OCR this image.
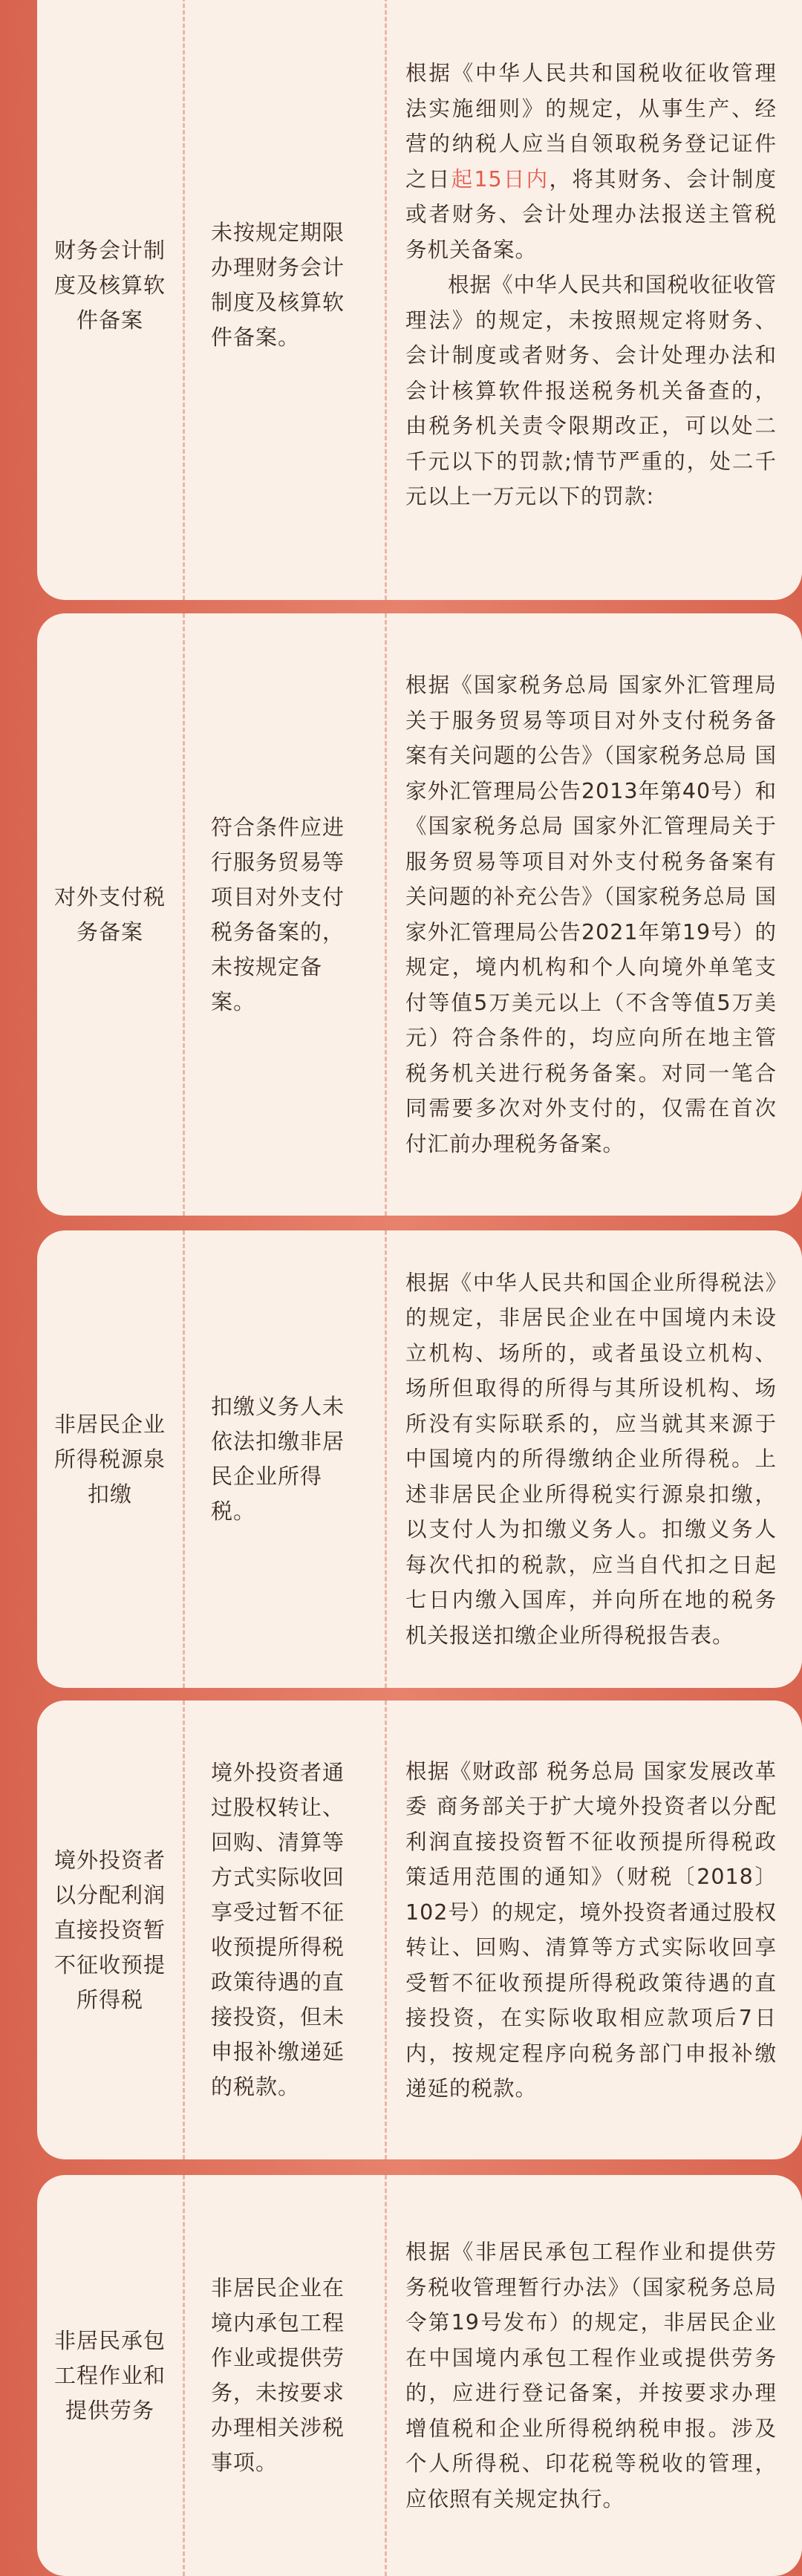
财务会计制度及核算软件备案

未按规定期限办理财务会计制度及核算软件备案。

根据《中华人民共和国税收征收管理法实施细则》的规定，从事生产、经营的纳税人应当自领取税务登记证件之日起15日内，将其财务、会计制度或者财务、会计处理办法报送主管税务机关备案。

根据《中华人民共和国税收征收管理法》的规定，未按照规定将财务、会计制度或者财务、会计处理办法和会计核算软件报送税务机关备查的，由税务机关责令限期改正，可以处二千元以下的罚款;情节严重的，处二千元以上一万元以下的罚款:

对外支付税务备案

符合条件应进行服务贸易等项目对外支付税务备案的，未按规定备案。

根据《国家税务总局 国家外汇管理局关于服务贸易等项目对外支付税务备案有关问题的公告》（国家税务总局 国家外汇管理局公告2013年第40号）和《国家税务总局 国家外汇管理局关于服务贸易等项目对外支付税务备案有关问题的补充公告》（国家税务总局 国家外汇管理局公告2021年第19号）的规定，境内机构和个人向境外单笔支付等值5万美元以上（不含等值5万美元）符合条件的，均应向所在地主管税务机关进行税务备案。对同一笔合同需要多次对外支付的，仅需在首次付汇前办理税务备案。

非居民企业所得税源泉扣缴

扣缴义务人未依法扣缴非居民企业所得税。

根据《中华人民共和国企业所得税法》的规定，非居民企业在中国境内未设立机构、场所的，或者虽设立机构、场所但取得的所得与其所设机构、场所没有实际联系的，应当就其来源于中国境内的所得缴纳企业所得税。上述非居民企业所得税实行源泉扣缴，以支付人为扣缴义务人。扣缴义务人每次代扣的税款，应当自代扣之日起七日内缴入国库，并向所在地的税务机关报送扣缴企业所得税报告表。

境外投资者以分配利润直接投资暂不征收预提所得税

境外投资者通过股权转让、回购、清算等方式实际收回享受过暂不征收预提所得税政策待遇的直接投资，但未申报补缴递延的税款。

根据《财政部 税务总局 国家发展改革委 商务部关于扩大境外投资者以分配利润直接投资暂不征收预提所得税政策适用范围的通知》（财税〔2018〕102号）的规定，境外投资者通过股权转让、回购、清算等方式实际收回享受暂不征收预提所得税政策待遇的直接投资，在实际收取相应款项后7日内，按规定程序向税务部门申报补缴递延的税款。

非居民承包工程作业和提供劳务

非居民企业在境内承包工程作业或提供劳务，未按要求办理相关涉税事项。

根据《非居民承包工程作业和提供劳务税收管理暂行办法》（国家税务总局令第19号发布）的规定，非居民企业在中国境内承包工程作业或提供劳务的，应进行登记备案，并按要求办理增值税和企业所得税纳税申报。涉及个人所得税、印花税等税收的管理，应依照有关规定执行。
